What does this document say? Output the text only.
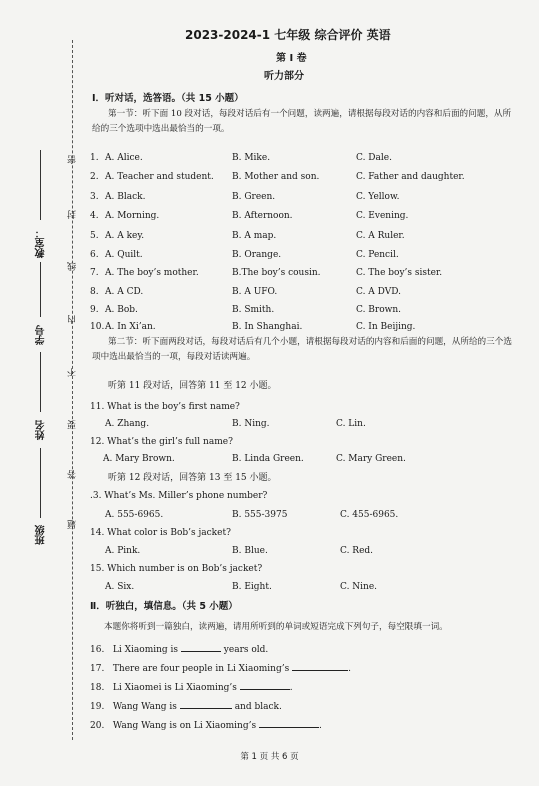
教室：
学号
姓名
班级
密
封
线
内
不
要
答
题
2023-2024-1 七年级 综合评价 英语
第 I 卷
听力部分
Ⅰ．听对话，选答语。（共 15 小题）
第一节：听下面 10 段对话，每段对话后有一个问题，读两遍，请根据每段对话的内容和后面的问题，从所给的三个选项中选出最恰当的一项。
1. A. Alice.	B. Mike.	C. Dale.
2. A. Teacher and student. B. Mother and son.	C. Father and daughter.
3. A. Black.	B. Green.	C. Yellow.
4. A. Morning.	B. Afternoon.	C. Evening.
5. A. A key.	B. A map.	C. A Ruler.
6. A. Quilt.	B. Orange.	C. Pencil.
7. A. The boy’s mother.	B.The boy’s cousin.	C. The boy’s sister.
8. A. A CD.	B. A UFO.	C. A DVD.
9. A. Bob.	B. Smith.	C. Brown.
10. A. In Xi’an.	B. In Shanghai.	C. In Beijing.
第二节：听下面两段对话，每段对话后有几个小题，请根据每段对话的内容和后面的问题，从所给的三个选项中选出最恰当的一项，每段对话读两遍。
听第 11 段对话，回答第 11 至 12 小题。
11. What is the boy’s first name?
A. Zhang.	B. Ning.	C. Lin.
12. What’s the girl’s full name?
A. Mary Brown.	B. Linda Green.	C. Mary Green.
听第 12 段对话，回答第 13 至 15 小题。
.3. What’s Ms. Miller’s phone number?
A. 555-6965.	B. 555-3975	C. 455-6965.
14. What color is Bob’s jacket?
A. Pink.	B. Blue.	C. Red.
15. Which number is on Bob’s jacket?
A. Six.	B. Eight.	C. Nine.
Ⅱ．听独白，填信息。（共 5 小题）
本题你将听到一篇独白，读两遍，请用所听到的单词或短语完成下列句子，每空限填一词。
16. Li Xiaoming is	years old.
17. There are four people in Li Xiaoming’s	.
18. Li Xiaomei is Li Xiaoming’s	.
19. Wang Wang is	and black.
20. Wang Wang is on Li Xiaoming’s	.
第 1 页 共 6 页
